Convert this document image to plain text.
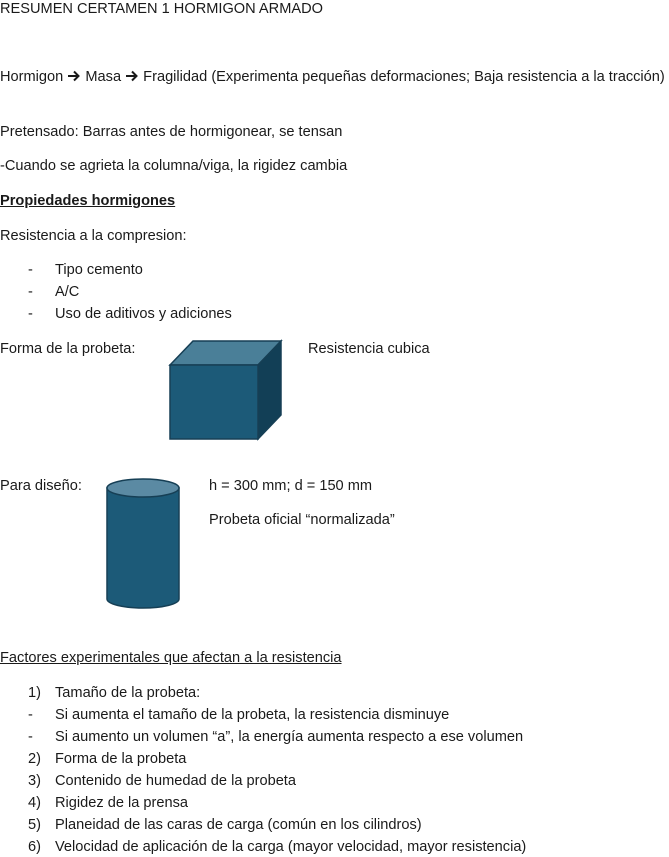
RESUMEN CERTAMEN 1 HORMIGON ARMADO
Hormigon  Masa  Fragilidad (Experimenta pequeñas deformaciones; Baja resistencia a la tracción)
Pretensado: Barras antes de hormigonear, se tensan
-Cuando se agrieta la columna/viga, la rigidez cambia
Propiedades hormigones
Resistencia a la compresion:
- Tipo cemento
- A/C
- Uso de aditivos y adiciones
Forma de la probeta:	Resistencia cubica
Para diseño:	h = 300 mm; d = 150 mm
Probeta oficial “normalizada”
Factores experimentales que afectan a la resistencia
1) Tamaño de la probeta:
- Si aumenta el tamaño de la probeta, la resistencia disminuye
- Si aumento un volumen “a”, la energía aumenta respecto a ese volumen
2) Forma de la probeta
3) Contenido de humedad de la probeta
4) Rigidez de la prensa
5) Planeidad de las caras de carga (común en los cilindros)
6) Velocidad de aplicación de la carga (mayor velocidad, mayor resistencia)
